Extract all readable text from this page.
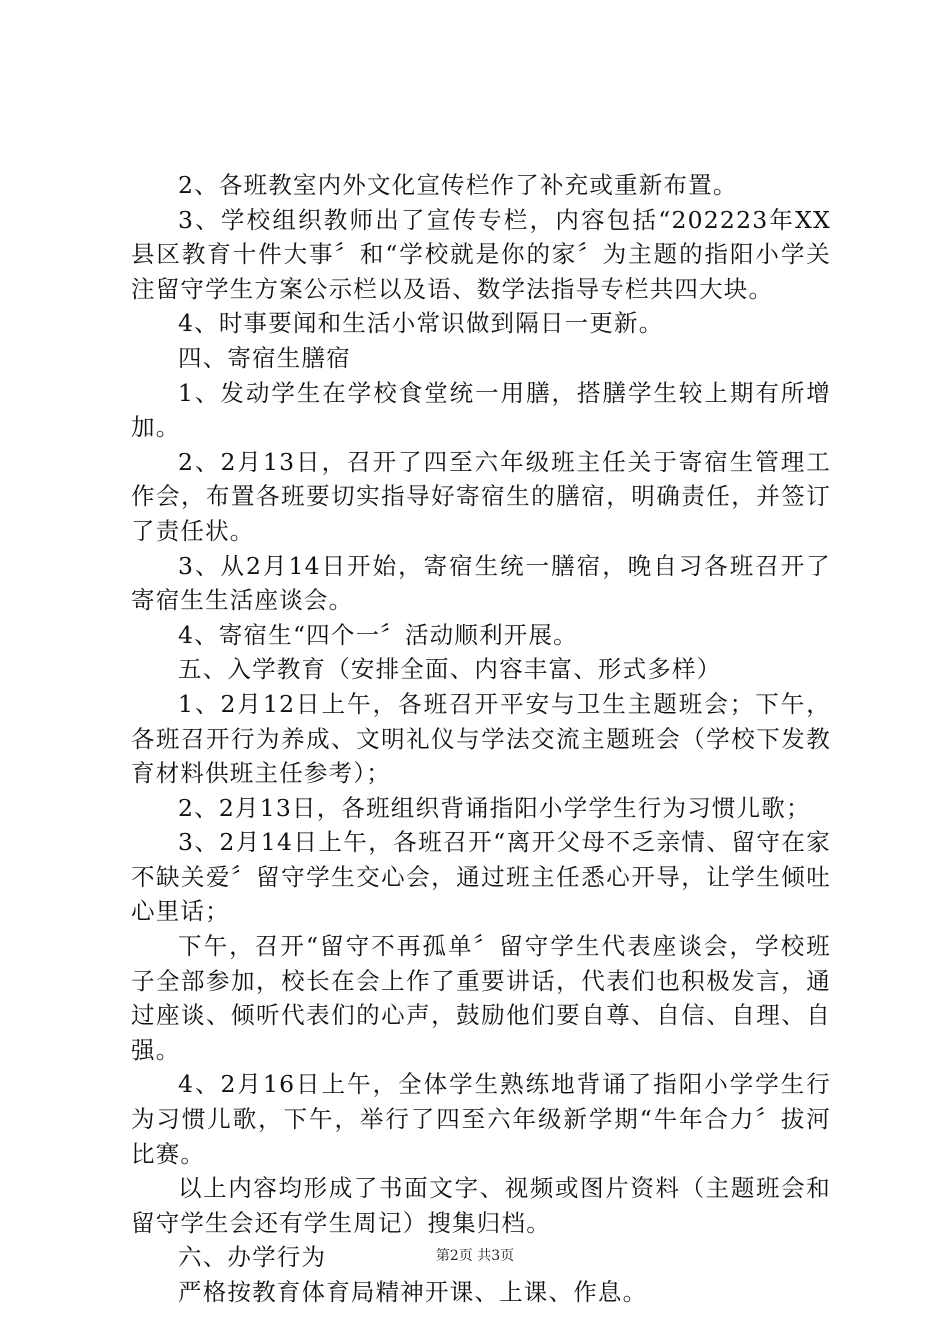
2、各班教室内外文化宣传栏作了补充或重新布置。

3、学校组织教师出了宣传专栏，内容包括“202223年XX县区教育十件大事〞和“学校就是你的家〞为主题的指阳小学关注留守学生方案公示栏以及语、数学法指导专栏共四大块。

4、时事要闻和生活小常识做到隔日一更新。

四、寄宿生膳宿

1、发动学生在学校食堂统一用膳，搭膳学生较上期有所增加。

2、2月13日，召开了四至六年级班主任关于寄宿生管理工作会，布置各班要切实指导好寄宿生的膳宿，明确责任，并签订了责任状。

3、从2月14日开始，寄宿生统一膳宿，晚自习各班召开了寄宿生生活座谈会。

4、寄宿生“四个一〞活动顺利开展。

五、入学教育（安排全面、内容丰富、形式多样）

1、2月12日上午，各班召开平安与卫生主题班会；下午，各班召开行为养成、文明礼仪与学法交流主题班会（学校下发教育材料供班主任参考）；

2、2月13日，各班组织背诵指阳小学学生行为习惯儿歌；

3、2月14日上午，各班召开“离开父母不乏亲情、留守在家不缺关爱〞留守学生交心会，通过班主任悉心开导，让学生倾吐心里话；

下午，召开“留守不再孤单〞留守学生代表座谈会，学校班子全部参加，校长在会上作了重要讲话，代表们也积极发言，通过座谈、倾听代表们的心声，鼓励他们要自尊、自信、自理、自强。

4、2月16日上午，全体学生熟练地背诵了指阳小学学生行为习惯儿歌，下午，举行了四至六年级新学期“牛年合力〞拔河比赛。

以上内容均形成了书面文字、视频或图片资料（主题班会和留守学生会还有学生周记）搜集归档。

六、办学行为

严格按教育体育局精神开课、上课、作息。

第2页 共3页
